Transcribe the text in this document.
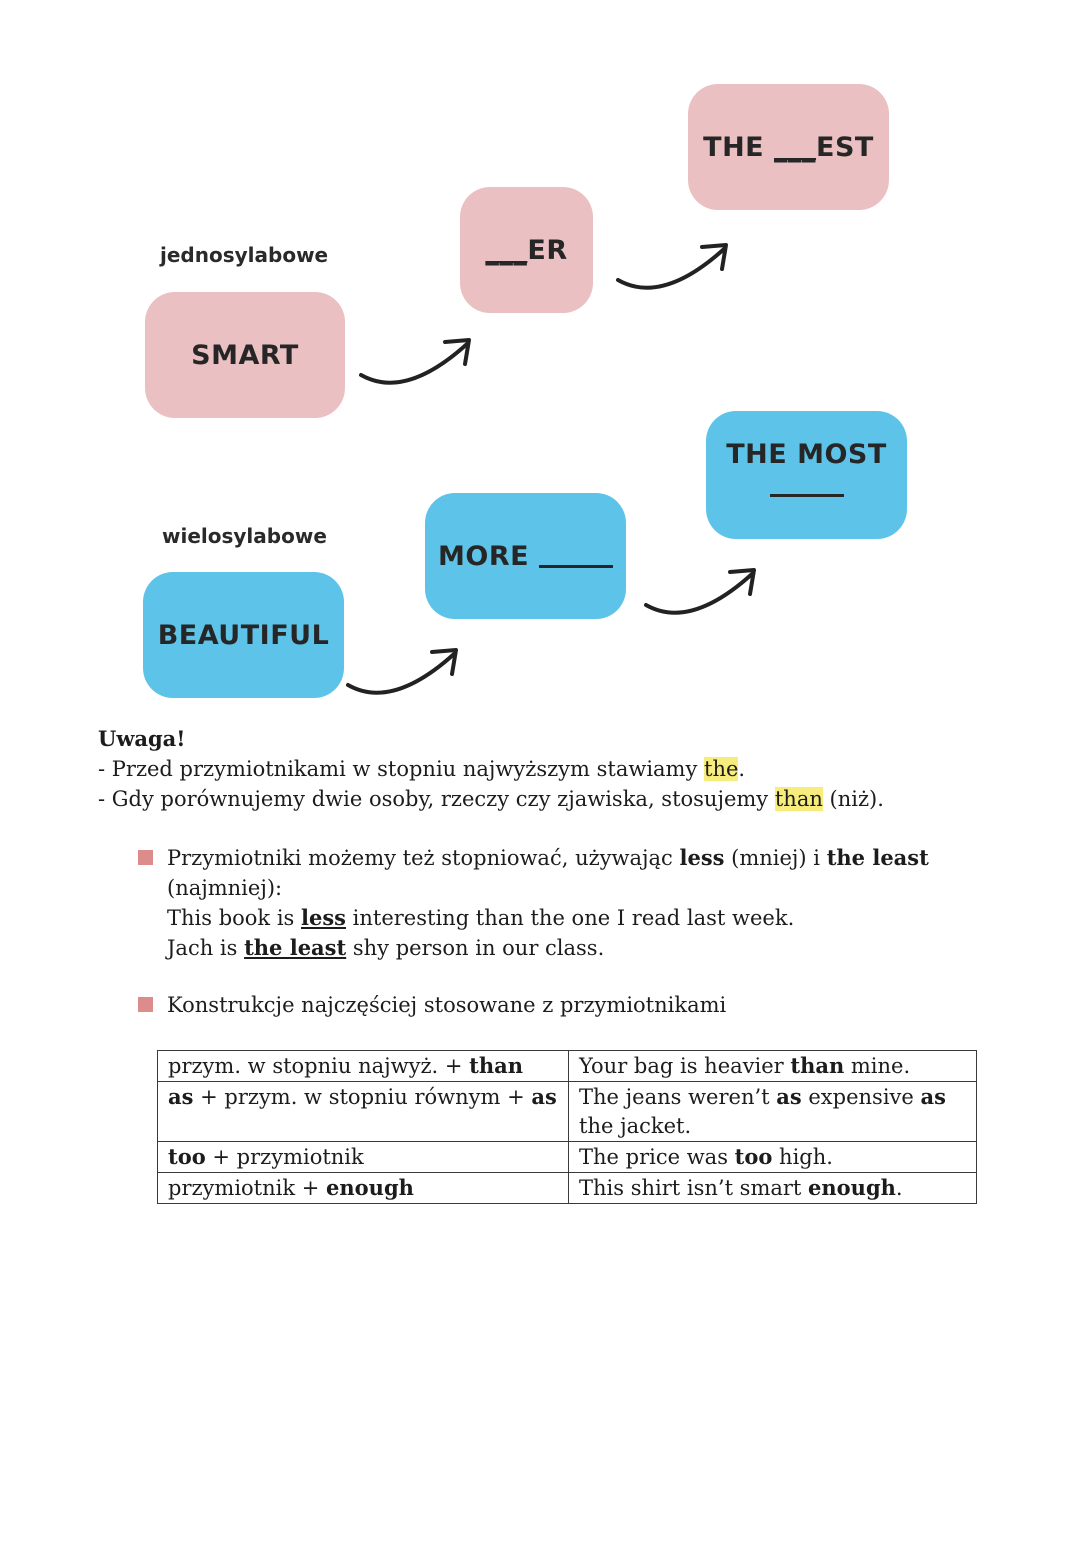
jednosylabowe
SMART
___ ER
THE
___ EST
wielosylabowe
BEAUTIFUL
MORE

THE MOST
Uwaga!
- Przed przymiotnikami w stopniu najwyższym stawiamy the.
- Gdy porównujemy dwie osoby, rzeczy czy zjawiska, stosujemy than (niż).
Przymiotniki możemy też stopniować, używając less (mniej) i the least
(najmniej):
This book is less interesting than the one I read last week.
Jach is the least shy person in our class.
Konstrukcje najczęściej stosowane z przymiotnikami
przym. w stopniu najwyż. + than	Your bag is heavier than mine.
as + przym. w stopniu równym + as	The jeans weren’t as expensive as the jacket.
too + przymiotnik	The price was too high.
przymiotnik + enough	This shirt isn’t smart enough.
